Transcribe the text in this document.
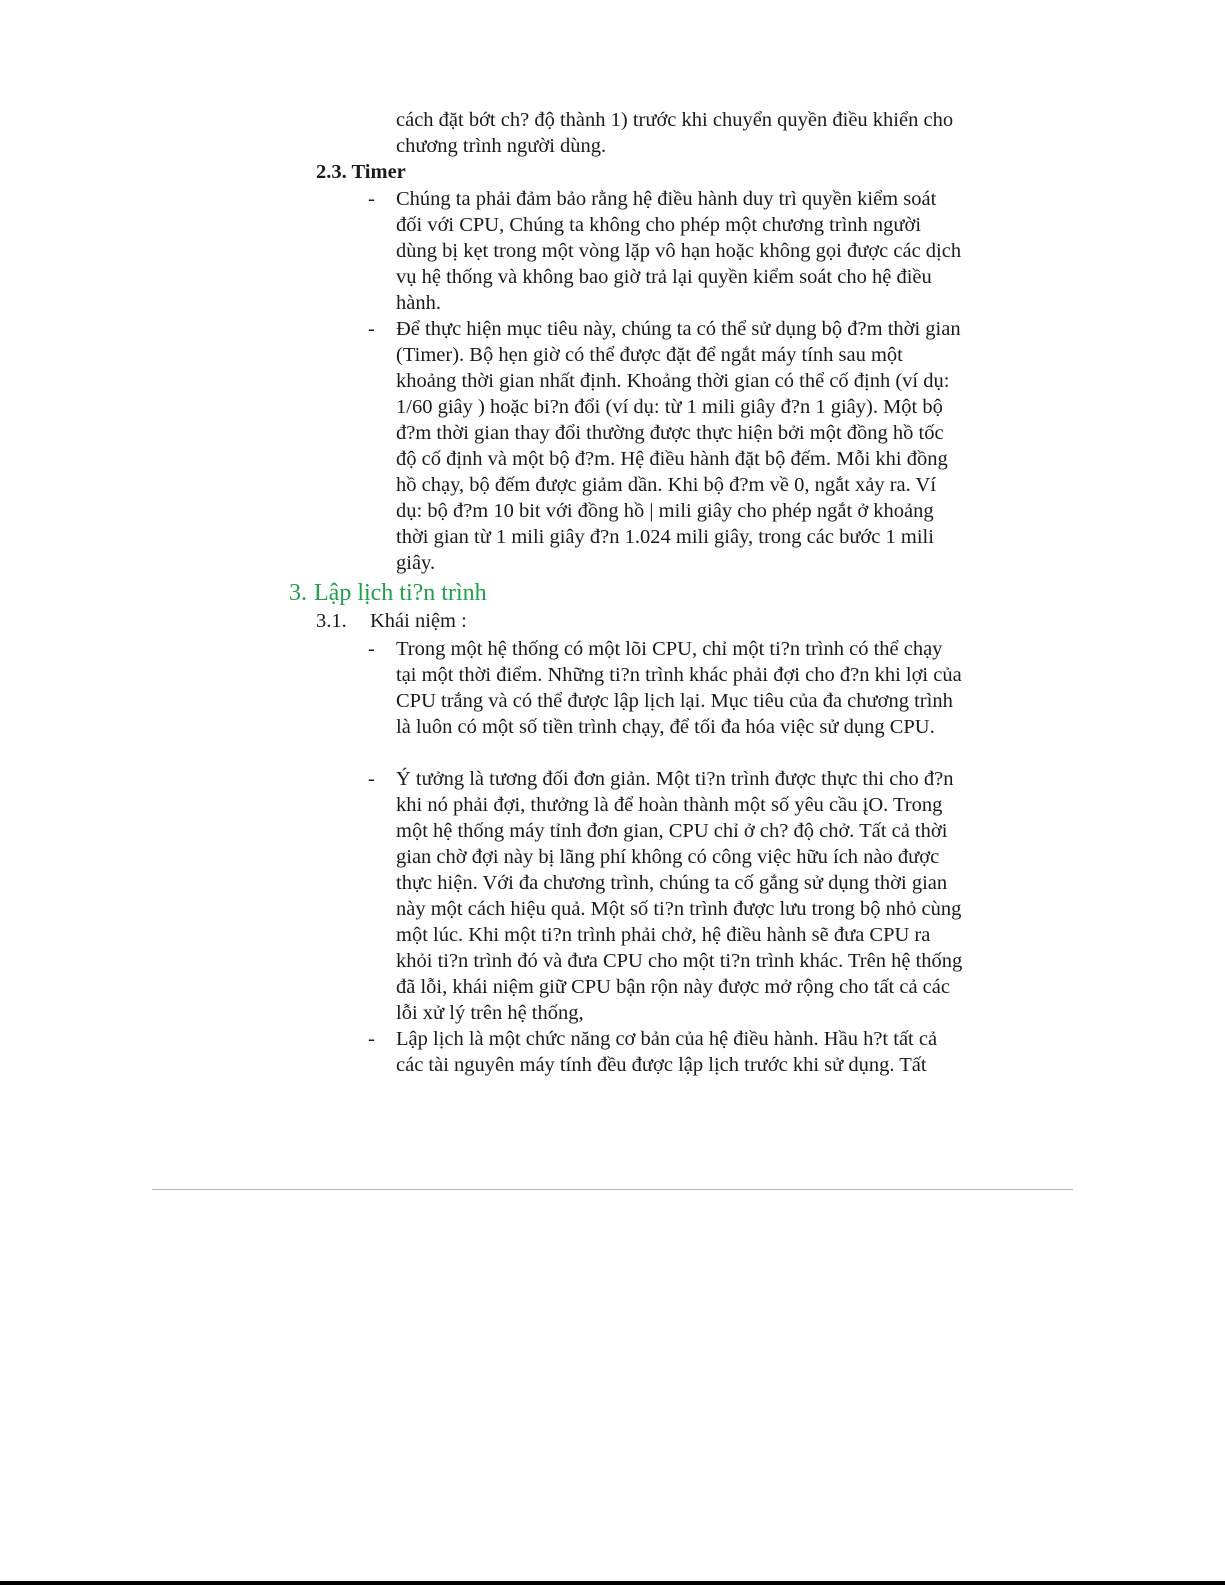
cách đặt bớt ch? độ thành 1) trước khi chuyển quyền điều khiển cho chương trình người dùng.

2.3. Timer
- Chúng ta phải đảm bảo rằng hệ điều hành duy trì quyền kiểm soát đối với CPU, Chúng ta không cho phép một chương trình người dùng bị kẹt trong một vòng lặp vô hạn hoặc không gọi được các dịch vụ hệ thống và không bao giờ trả lại quyền kiểm soát cho hệ điều hành.

- Để thực hiện mục tiêu này, chúng ta có thể sử dụng bộ đ?m thời gian (Timer). Bộ hẹn giờ có thể được đặt để ngắt máy tính sau một khoảng thời gian nhất định. Khoảng thời gian có thể cố định (ví dụ: 1/60 giây ) hoặc bi?n đổi (ví dụ: từ 1 mili giây đ?n 1 giây). Một bộ đ?m thời gian thay đổi thường được thực hiện bởi một đồng hồ tốc độ cố định và một bộ đ?m. Hệ điều hành đặt bộ đếm. Mỗi khi đồng hồ chạy, bộ đếm được giảm dần. Khi bộ đ?m về 0, ngắt xảy ra. Ví dụ: bộ đ?m 10 bit với đồng hồ | mili giây cho phép ngắt ở khoảng thời gian từ 1 mili giây đ?n 1.024 mili giây, trong các bước 1 mili giây.

3. Lập lịch ti?n trình
3.1. Khái niệm :
- Trong một hệ thống có một lõi CPU, chỉ một ti?n trình có thể chạy tại một thời điểm. Những ti?n trình khác phải đợi cho đ?n khi lợi của CPU trắng và có thể được lập lịch lại. Mục tiêu của đa chương trình là luôn có một số tiền trình chạy, để tối đa hóa việc sử dụng CPU.

- Ý tưởng là tương đối đơn giản. Một ti?n trình được thực thi cho đ?n khi nó phải đợi, thưởng là để hoàn thành một số yêu cầu įO. Trong một hệ thống máy tỉnh đơn gian, CPU chỉ ở ch? độ chở. Tất cả thời gian chờ đợi này bị lãng phí không có công việc hữu ích nào được thực hiện. Với đa chương trình, chúng ta cố gắng sử dụng thời gian này một cách hiệu quả. Một số ti?n trình được lưu trong bộ nhỏ cùng một lúc. Khi một ti?n trình phải chở, hệ điều hành sẽ đưa CPU ra khỏi ti?n trình đó và đưa CPU cho một ti?n trình khác. Trên hệ thống đã lỗi, khái niệm giữ CPU bận rộn này được mở rộng cho tất cả các lỗi xử lý trên hệ thống,

- Lập lịch là một chức năng cơ bản của hệ điều hành. Hầu h?t tất cả các tài nguyên máy tính đều được lập lịch trước khi sử dụng. Tất
